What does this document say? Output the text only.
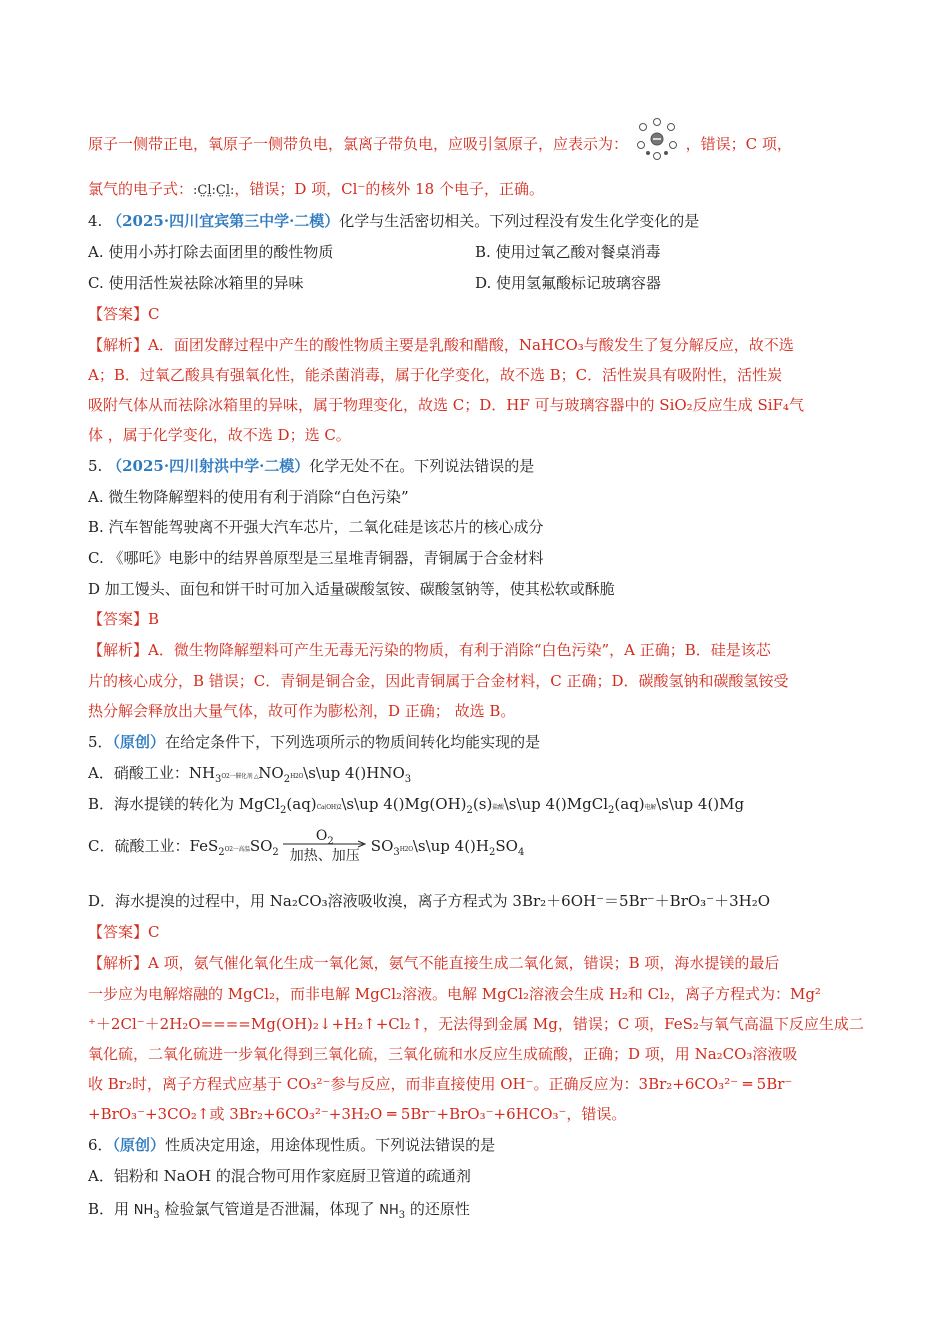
原子一侧带正电，氧原子一侧带负电，氯离子带负电，应吸引氢原子，应表示为：	，错误；C 项，
氯气的电子式：:C̤l̤:C̤l̤:，错误；D 项，Cl⁻的核外 18 个电子，正确。
4. （2025·四川宜宾第三中学·二模）化学与生活密切相关。下列过程没有发生化学变化的是
A. 使用小苏打除去面团里的酸性物质	B. 使用过氧乙酸对餐桌消毒
C. 使用活性炭祛除冰箱里的异味	D. 使用氢氟酸标记玻璃容器
【答案】C
【解析】A．面团发酵过程中产生的酸性物质主要是乳酸和醋酸，NaHCO₃与酸发生了复分解反应，故不选
A；B．过氧乙酸具有强氧化性，能杀菌消毒，属于化学变化，故不选 B；C．活性炭具有吸附性，活性炭
吸附气体从而祛除冰箱里的异味，属于物理变化，故选 C；D．HF 可与玻璃容器中的 SiO₂反应生成 SiF₄气
体 ，属于化学变化，故不选 D；选 C。
5. （2025·四川射洪中学·二模）化学无处不在。下列说法错误的是
A. 微生物降解塑料的使用有利于消除“白色污染”
B. 汽车智能驾驶离不开强大汽车芯片，二氧化硅是该芯片的核心成分
C. 《哪吒》电影中的结界兽原型是三星堆青铜器，青铜属于合金材料
D 加工馒头、面包和饼干时可加入适量碳酸氢铵、碳酸氢钠等，使其松软或酥脆
【答案】B
【解析】A．微生物降解塑料可产生无毒无污染的物质，有利于消除“白色污染”，A 正确；B．硅是该芯
片的核心成分，B 错误；C．青铜是铜合金，因此青铜属于合金材料，C 正确；D．碳酸氢钠和碳酸氢铵受
热分解会释放出大量气体，故可作为膨松剂，D 正确； 故选 B。
5．（原创）在给定条件下，下列选项所示的物质间转化均能实现的是
A．硝酸工业：$NH_3O2$一催化剂 $\triangle NO_2H2O\backslash s\backslash up$ $4()HNO_3$
B．海水提镁的转化为 MgCl$_2$(aq)Ca(OH)2\s\up $4()Mg(OH)_2(s)$盐酸\s\up 4()MgCl$_2$(aq)电解\s\up 4()Mg
C．硫酸工业：FeS$_2$O2一高温$SO_2$
$O_2$
加热、加压
$SO_3H2O\backslash s\backslash up$ $4()H_2SO_4$
D．海水提溴的过程中，用 Na₂CO₃溶液吸收溴，离子方程式为 3Br₂＋6OH⁻＝5Br⁻＋BrO₃⁻＋3H₂O
【答案】C
【解析】A 项，氨气催化氧化生成一氧化氮，氨气不能直接生成二氧化氮，错误；B 项，海水提镁的最后
一步应为电解熔融的 MgCl₂，而非电解 MgCl₂溶液。电解 MgCl₂溶液会生成 H₂和 Cl₂，离子方程式为：Mg²
⁺＋2Cl⁻＋2H₂O====Mg(OH)₂↓+H₂↑+Cl₂↑，无法得到金属 Mg，错误；C 项，FeS₂与氧气高温下反应生成二
氧化硫，二氧化硫进一步氧化得到三氧化硫，三氧化硫和水反应生成硫酸，正确；D 项，用 Na₂CO₃溶液吸
收 Br₂时，离子方程式应基于 CO₃²⁻参与反应，而非直接使用 OH⁻。正确反应为：3Br₂+6CO₃²⁻ ═ 5Br⁻
+BrO₃⁻+3CO₂↑或 3Br₂+6CO₃²⁻+3H₂O ═ 5Br⁻+BrO₃⁻+6HCO₃⁻，错误。
6．（原创）性质决定用途，用途体现性质。下列说法错误的是
A．铝粉和 NaOH 的混合物可用作家庭厨卫管道的疏通剂
B．用 $NH_3$ 检验氯气管道是否泄漏，体现了 $NH_3$ 的还原性
